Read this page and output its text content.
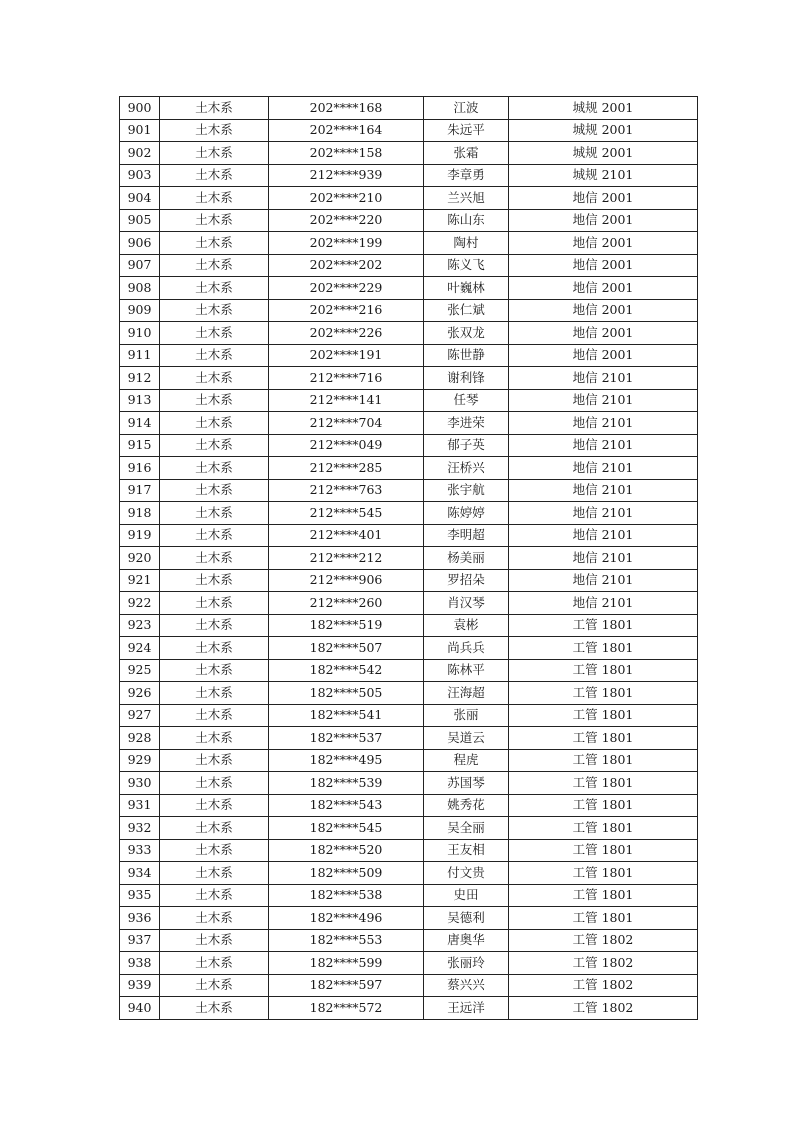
900	土木系	202****168	江波	城规 2001
901	土木系	202****164	朱远平	城规 2001
902	土木系	202****158	张霜	城规 2001
903	土木系	212****939	李章勇	城规 2101
904	土木系	202****210	兰兴旭	地信 2001
905	土木系	202****220	陈山东	地信 2001
906	土木系	202****199	陶村	地信 2001
907	土木系	202****202	陈义飞	地信 2001
908	土木系	202****229	叶巍林	地信 2001
909	土木系	202****216	张仁斌	地信 2001
910	土木系	202****226	张双龙	地信 2001
911	土木系	202****191	陈世静	地信 2001
912	土木系	212****716	谢利锋	地信 2101
913	土木系	212****141	任琴	地信 2101
914	土木系	212****704	李进荣	地信 2101
915	土木系	212****049	郁子英	地信 2101
916	土木系	212****285	汪桥兴	地信 2101
917	土木系	212****763	张宇航	地信 2101
918	土木系	212****545	陈婷婷	地信 2101
919	土木系	212****401	李明超	地信 2101
920	土木系	212****212	杨美丽	地信 2101
921	土木系	212****906	罗招朵	地信 2101
922	土木系	212****260	肖汉琴	地信 2101
923	土木系	182****519	袁彬	工管 1801
924	土木系	182****507	尚兵兵	工管 1801
925	土木系	182****542	陈林平	工管 1801
926	土木系	182****505	汪海超	工管 1801
927	土木系	182****541	张丽	工管 1801
928	土木系	182****537	吴道云	工管 1801
929	土木系	182****495	程虎	工管 1801
930	土木系	182****539	苏国琴	工管 1801
931	土木系	182****543	姚秀花	工管 1801
932	土木系	182****545	吴全丽	工管 1801
933	土木系	182****520	王友相	工管 1801
934	土木系	182****509	付文贵	工管 1801
935	土木系	182****538	史田	工管 1801
936	土木系	182****496	吴德利	工管 1801
937	土木系	182****553	唐奥华	工管 1802
938	土木系	182****599	张丽玲	工管 1802
939	土木系	182****597	蔡兴兴	工管 1802
940	土木系	182****572	王远洋	工管 1802
